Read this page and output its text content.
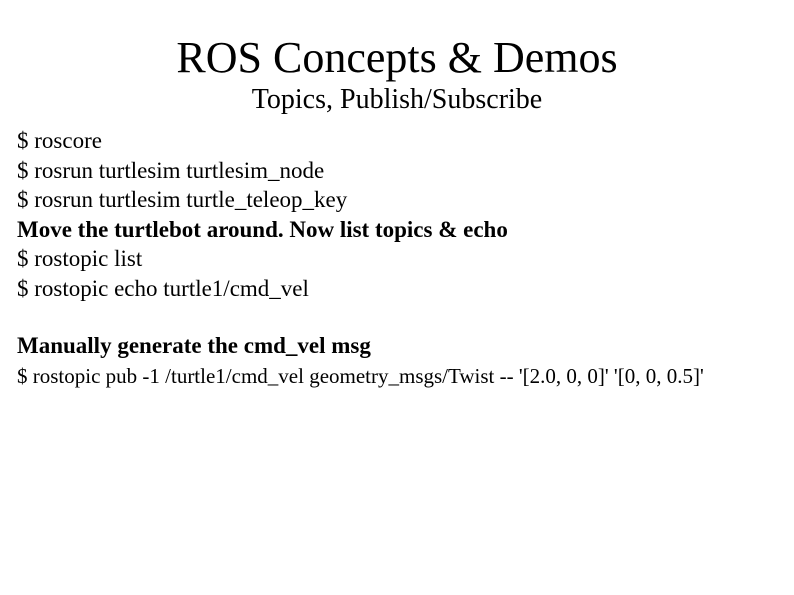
ROS Concepts & Demos
Topics, Publish/Subscribe
$ roscore
$ rosrun turtlesim turtlesim_node
$ rosrun turtlesim turtle_teleop_key
Move the turtlebot around. Now list topics & echo
$ rostopic list
$ rostopic echo turtle1/cmd_vel
Manually generate the cmd_vel msg
$ rostopic pub -1 /turtle1/cmd_vel geometry_msgs/Twist -- '[2.0, 0, 0]' '[0, 0, 0.5]'
